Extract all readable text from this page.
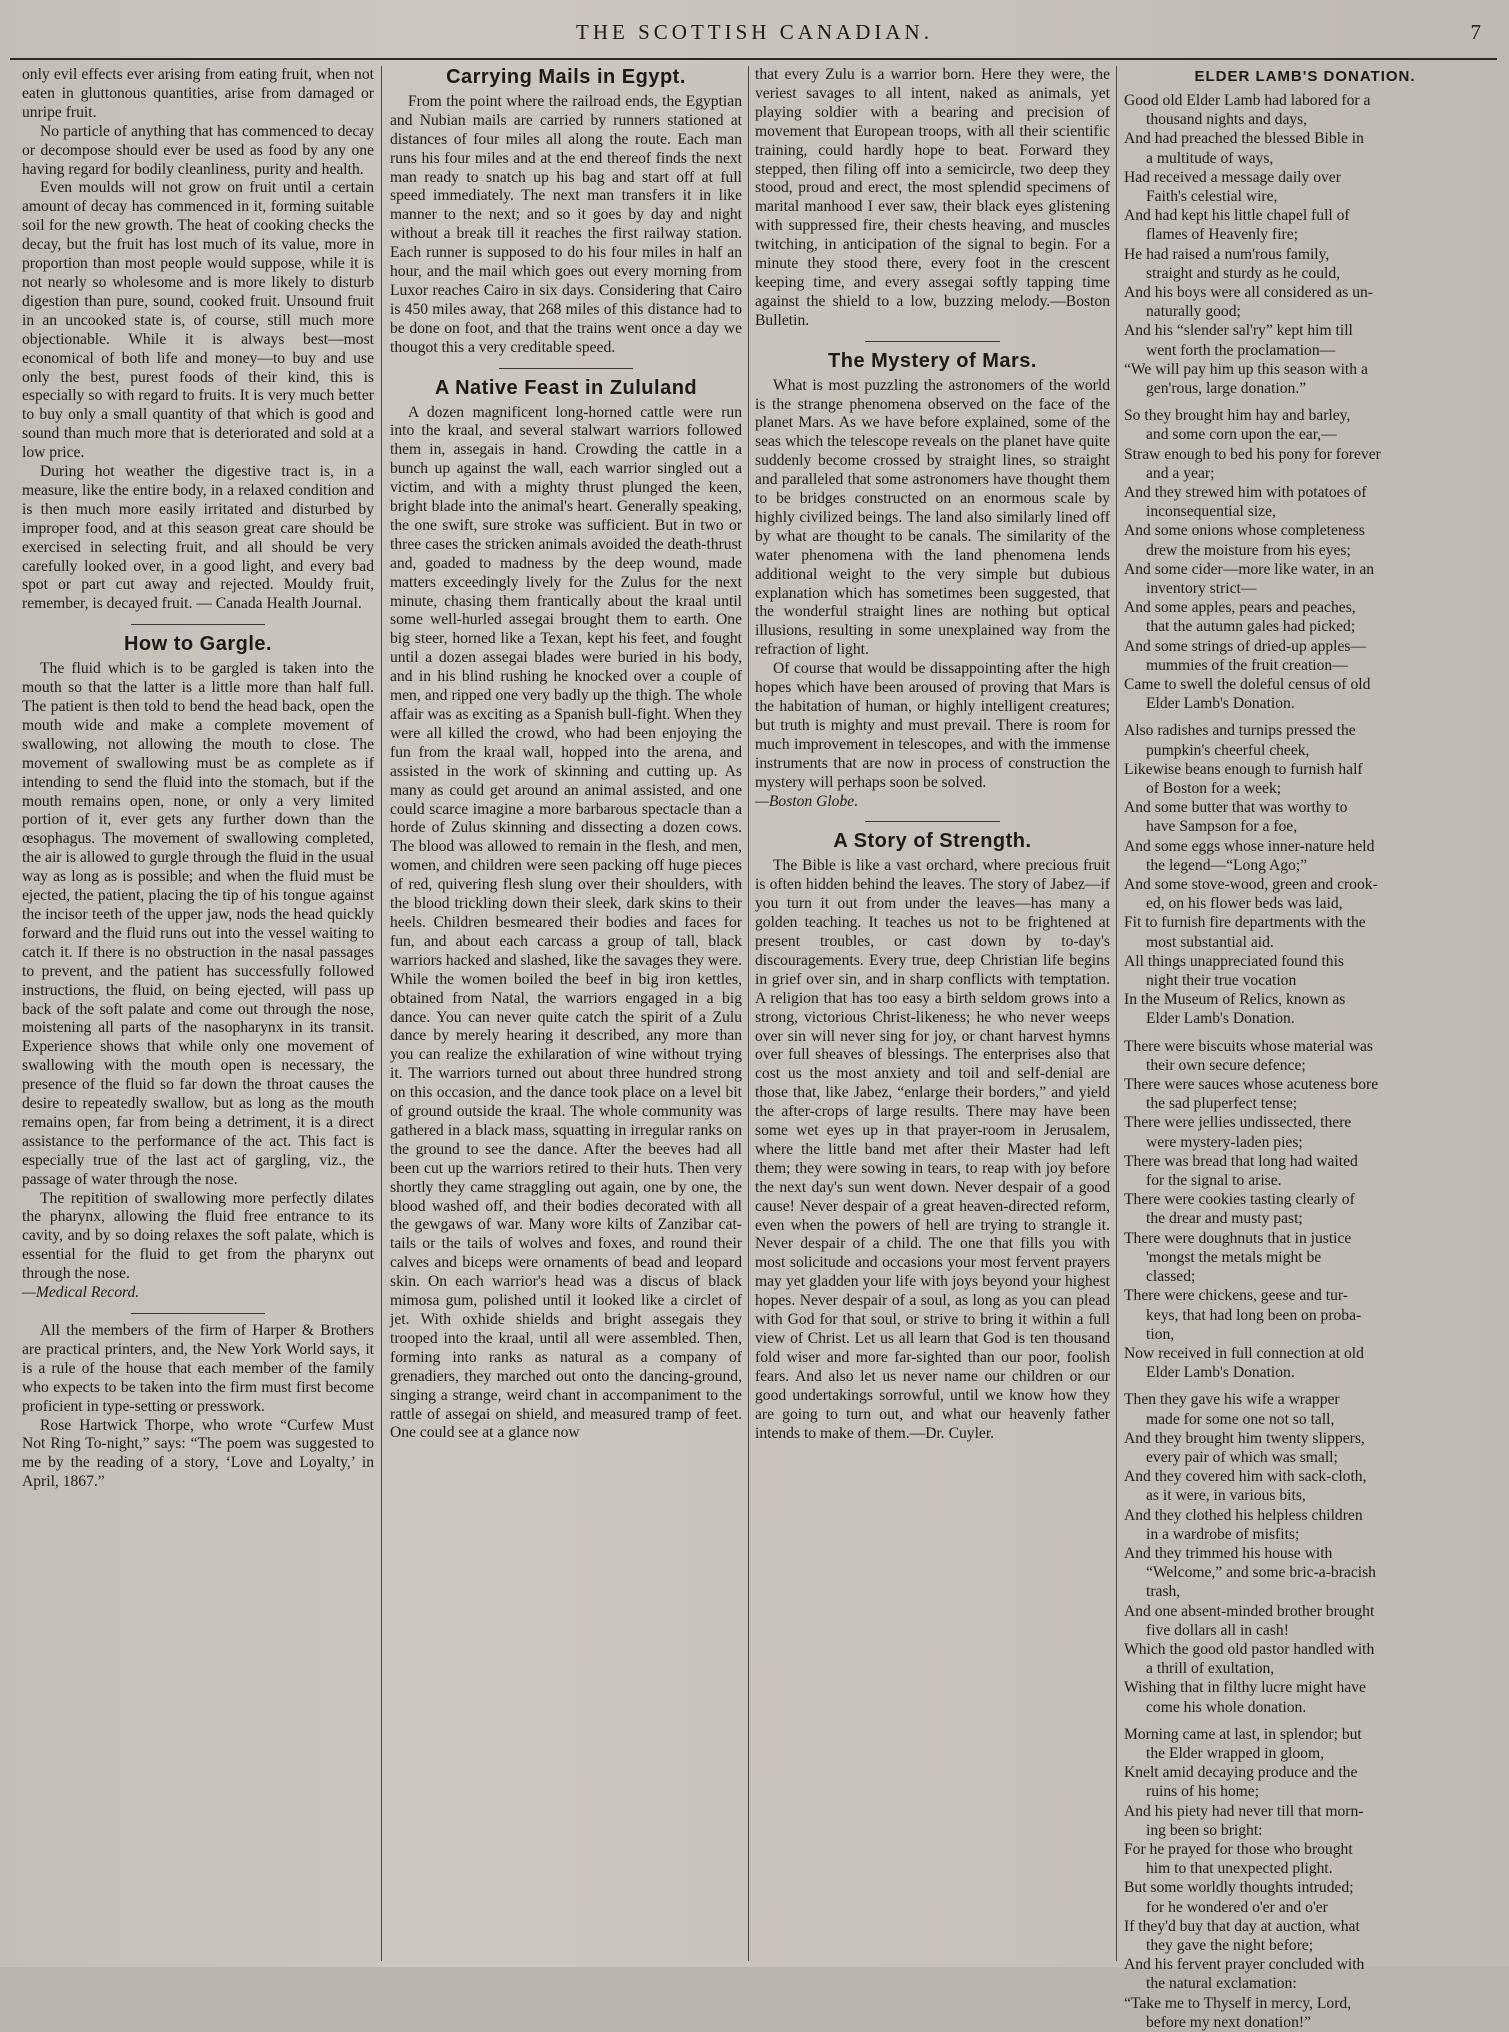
THE SCOTTISH CANADIAN.	7

only evil effects ever arising from eating fruit, when not eaten in gluttonous quantities, arise from damaged or unripe fruit.

No particle of anything that has commenced to decay or decompose should ever be used as food by any one having regard for bodily cleanliness, purity and health.

Even moulds will not grow on fruit until a certain amount of decay has commenced in it, forming suitable soil for the new growth. The heat of cooking checks the decay, but the fruit has lost much of its value, more in proportion than most people would suppose, while it is not nearly so wholesome and is more likely to disturb digestion than pure, sound, cooked fruit. Unsound fruit in an uncooked state is, of course, still much more objectionable. While it is always best—most economical of both life and money—to buy and use only the best, purest foods of their kind, this is especially so with regard to fruits. It is very much better to buy only a small quantity of that which is good and sound than much more that is deteriorated and sold at a low price.

During hot weather the digestive tract is, in a measure, like the entire body, in a relaxed condition and is then much more easily irritated and disturbed by improper food, and at this season great care should be exercised in selecting fruit, and all should be very carefully looked over, in a good light, and every bad spot or part cut away and rejected. Mouldy fruit, remember, is decayed fruit. — Canada Health Journal.

How to Gargle.

The fluid which is to be gargled is taken into the mouth so that the latter is a little more than half full. The patient is then told to bend the head back, open the mouth wide and make a complete movement of swallowing, not allowing the mouth to close. The movement of swallowing must be as complete as if intending to send the fluid into the stomach, but if the mouth remains open, none, or only a very limited portion of it, ever gets any further down than the œsophagus. The movement of swallowing completed, the air is allowed to gurgle through the fluid in the usual way as long as is possible; and when the fluid must be ejected, the patient, placing the tip of his tongue against the incisor teeth of the upper jaw, nods the head quickly forward and the fluid runs out into the vessel waiting to catch it. If there is no obstruction in the nasal passages to prevent, and the patient has successfully followed instructions, the fluid, on being ejected, will pass up back of the soft palate and come out through the nose, moistening all parts of the nasopharynx in its transit. Experience shows that while only one movement of swallowing with the mouth open is necessary, the presence of the fluid so far down the throat causes the desire to repeatedly swallow, but as long as the mouth remains open, far from being a detriment, it is a direct assistance to the performance of the act. This fact is especially true of the last act of gargling, viz., the passage of water through the nose.

The repitition of swallowing more perfectly dilates the pharynx, allowing the fluid free entrance to its cavity, and by so doing relaxes the soft palate, which is essential for the fluid to get from the pharynx out through the nose.

—Medical Record.

All the members of the firm of Harper & Brothers are practical printers, and, the New York World says, it is a rule of the house that each member of the family who expects to be taken into the firm must first become proficient in type-setting or presswork.

Rose Hartwick Thorpe, who wrote “Curfew Must Not Ring To-night,” says: “The poem was suggested to me by the reading of a story, ‘Love and Loyalty,’ in April, 1867.”

Carrying Mails in Egypt.

From the point where the railroad ends, the Egyptian and Nubian mails are carried by runners stationed at distances of four miles all along the route. Each man runs his four miles and at the end thereof finds the next man ready to snatch up his bag and start off at full speed immediately. The next man transfers it in like manner to the next; and so it goes by day and night without a break till it reaches the first railway station. Each runner is supposed to do his four miles in half an hour, and the mail which goes out every morning from Luxor reaches Cairo in six days. Considering that Cairo is 450 miles away, that 268 miles of this distance had to be done on foot, and that the trains went once a day we thougot this a very creditable speed.

A Native Feast in Zululand

A dozen magnificent long-horned cattle were run into the kraal, and several stalwart warriors followed them in, assegais in hand. Crowding the cattle in a bunch up against the wall, each warrior singled out a victim, and with a mighty thrust plunged the keen, bright blade into the animal's heart. Generally speaking, the one swift, sure stroke was sufficient. But in two or three cases the stricken animals avoided the death-thrust and, goaded to madness by the deep wound, made matters exceedingly lively for the Zulus for the next minute, chasing them frantically about the kraal until some well-hurled assegai brought them to earth. One big steer, horned like a Texan, kept his feet, and fought until a dozen assegai blades were buried in his body, and in his blind rushing he knocked over a couple of men, and ripped one very badly up the thigh. The whole affair was as exciting as a Spanish bull-fight. When they were all killed the crowd, who had been enjoying the fun from the kraal wall, hopped into the arena, and assisted in the work of skinning and cutting up. As many as could get around an animal assisted, and one could scarce imagine a more barbarous spectacle than a horde of Zulus skinning and dissecting a dozen cows. The blood was allowed to remain in the flesh, and men, women, and children were seen packing off huge pieces of red, quivering flesh slung over their shoulders, with the blood trickling down their sleek, dark skins to their heels. Children besmeared their bodies and faces for fun, and about each carcass a group of tall, black warriors hacked and slashed, like the savages they were. While the women boiled the beef in big iron kettles, obtained from Natal, the warriors engaged in a big dance. You can never quite catch the spirit of a Zulu dance by merely hearing it described, any more than you can realize the exhilaration of wine without trying it. The warriors turned out about three hundred strong on this occasion, and the dance took place on a level bit of ground outside the kraal. The whole community was gathered in a black mass, squatting in irregular ranks on the ground to see the dance. After the beeves had all been cut up the warriors retired to their huts. Then very shortly they came straggling out again, one by one, the blood washed off, and their bodies decorated with all the gewgaws of war. Many wore kilts of Zanzibar cat-tails or the tails of wolves and foxes, and round their calves and biceps were ornaments of bead and leopard skin. On each warrior's head was a discus of black mimosa gum, polished until it looked like a circlet of jet. With oxhide shields and bright assegais they trooped into the kraal, until all were assembled. Then, forming into ranks as natural as a company of grenadiers, they marched out onto the dancing-ground, singing a strange, weird chant in accompaniment to the rattle of assegai on shield, and measured tramp of feet. One could see at a glance now

that every Zulu is a warrior born. Here they were, the veriest savages to all intent, naked as animals, yet playing soldier with a bearing and precision of movement that European troops, with all their scientific training, could hardly hope to beat. Forward they stepped, then filing off into a semicircle, two deep they stood, proud and erect, the most splendid specimens of marital manhood I ever saw, their black eyes glistening with suppressed fire, their chests heaving, and muscles twitching, in anticipation of the signal to begin. For a minute they stood there, every foot in the crescent keeping time, and every assegai softly tapping time against the shield to a low, buzzing melody.—Boston Bulletin.

The Mystery of Mars.

What is most puzzling the astronomers of the world is the strange phenomena observed on the face of the planet Mars. As we have before explained, some of the seas which the telescope reveals on the planet have quite suddenly become crossed by straight lines, so straight and paralleled that some astronomers have thought them to be bridges constructed on an enormous scale by highly civilized beings. The land also similarly lined off by what are thought to be canals. The similarity of the water phenomena with the land phenomena lends additional weight to the very simple but dubious explanation which has sometimes been suggested, that the wonderful straight lines are nothing but optical illusions, resulting in some unexplained way from the refraction of light.

Of course that would be dissappointing after the high hopes which have been aroused of proving that Mars is the habitation of human, or highly intelligent creatures; but truth is mighty and must prevail. There is room for much improvement in telescopes, and with the immense instruments that are now in process of construction the mystery will perhaps soon be solved.

—Boston Globe.

A Story of Strength.

The Bible is like a vast orchard, where precious fruit is often hidden behind the leaves. The story of Jabez—if you turn it out from under the leaves—has many a golden teaching. It teaches us not to be frightened at present troubles, or cast down by to-day's discouragements. Every true, deep Christian life begins in grief over sin, and in sharp conflicts with temptation. A religion that has too easy a birth seldom grows into a strong, victorious Christ-likeness; he who never weeps over sin will never sing for joy, or chant harvest hymns over full sheaves of blessings. The enterprises also that cost us the most anxiety and toil and self-denial are those that, like Jabez, “enlarge their borders,” and yield the after-crops of large results. There may have been some wet eyes up in that prayer-room in Jerusalem, where the little band met after their Master had left them; they were sowing in tears, to reap with joy before the next day's sun went down. Never despair of a good cause! Never despair of a great heaven-directed reform, even when the powers of hell are trying to strangle it. Never despair of a child. The one that fills you with most solicitude and occasions your most fervent prayers may yet gladden your life with joys beyond your highest hopes. Never despair of a soul, as long as you can plead with God for that soul, or strive to bring it within a full view of Christ. Let us all learn that God is ten thousand fold wiser and more far-sighted than our poor, foolish fears. And also let us never name our children or our good undertakings sorrowful, until we know how they are going to turn out, and what our heavenly father intends to make of them.—Dr. Cuyler.

ELDER LAMB'S DONATION.
Good old Elder Lamb had labored for a
thousand nights and days,
And had preached the blessed Bible in
a multitude of ways,
Had received a message daily over
Faith's celestial wire,
And had kept his little chapel full of
flames of Heavenly fire;
He had raised a num'rous family,
straight and sturdy as he could,
And his boys were all considered as un-
naturally good;
And his “slender sal'ry” kept him till
went forth the proclamation—
“We will pay him up this season with a
gen'rous, large donation.”
So they brought him hay and barley,
and some corn upon the ear,—
Straw enough to bed his pony for forever
and a year;
And they strewed him with potatoes of
inconsequential size,
And some onions whose completeness
drew the moisture from his eyes;
And some cider—more like water, in an
inventory strict—
And some apples, pears and peaches,
that the autumn gales had picked;
And some strings of dried-up apples—
mummies of the fruit creation—
Came to swell the doleful census of old
Elder Lamb's Donation.
Also radishes and turnips pressed the
pumpkin's cheerful cheek,
Likewise beans enough to furnish half
of Boston for a week;
And some butter that was worthy to
have Sampson for a foe,
And some eggs whose inner-nature held
the legend—“Long Ago;”
And some stove-wood, green and crook-
ed, on his flower beds was laid,
Fit to furnish fire departments with the
most substantial aid.
All things unappreciated found this
night their true vocation
In the Museum of Relics, known as
Elder Lamb's Donation.
There were biscuits whose material was
their own secure defence;
There were sauces whose acuteness bore
the sad pluperfect tense;
There were jellies undissected, there
were mystery-laden pies;
There was bread that long had waited
for the signal to arise.
There were cookies tasting clearly of
the drear and musty past;
There were doughnuts that in justice
'mongst the metals might be
classed;
There were chickens, geese and tur-
keys, that had long been on proba-
tion,
Now received in full connection at old
Elder Lamb's Donation.
Then they gave his wife a wrapper
made for some one not so tall,
And they brought him twenty slippers,
every pair of which was small;
And they covered him with sack-cloth,
as it were, in various bits,
And they clothed his helpless children
in a wardrobe of misfits;
And they trimmed his house with
“Welcome,” and some bric-a-bracish
trash,
And one absent-minded brother brought
five dollars all in cash!
Which the good old pastor handled with
a thrill of exultation,
Wishing that in filthy lucre might have
come his whole donation.
Morning came at last, in splendor; but
the Elder wrapped in gloom,
Knelt amid decaying produce and the
ruins of his home;
And his piety had never till that morn-
ing been so bright:
For he prayed for those who brought
him to that unexpected plight.
But some worldly thoughts intruded;
for he wondered o'er and o'er
If they'd buy that day at auction, what
they gave the night before;
And his fervent prayer concluded with
the natural exclamation:
“Take me to Thyself in mercy, Lord,
before my next donation!”
